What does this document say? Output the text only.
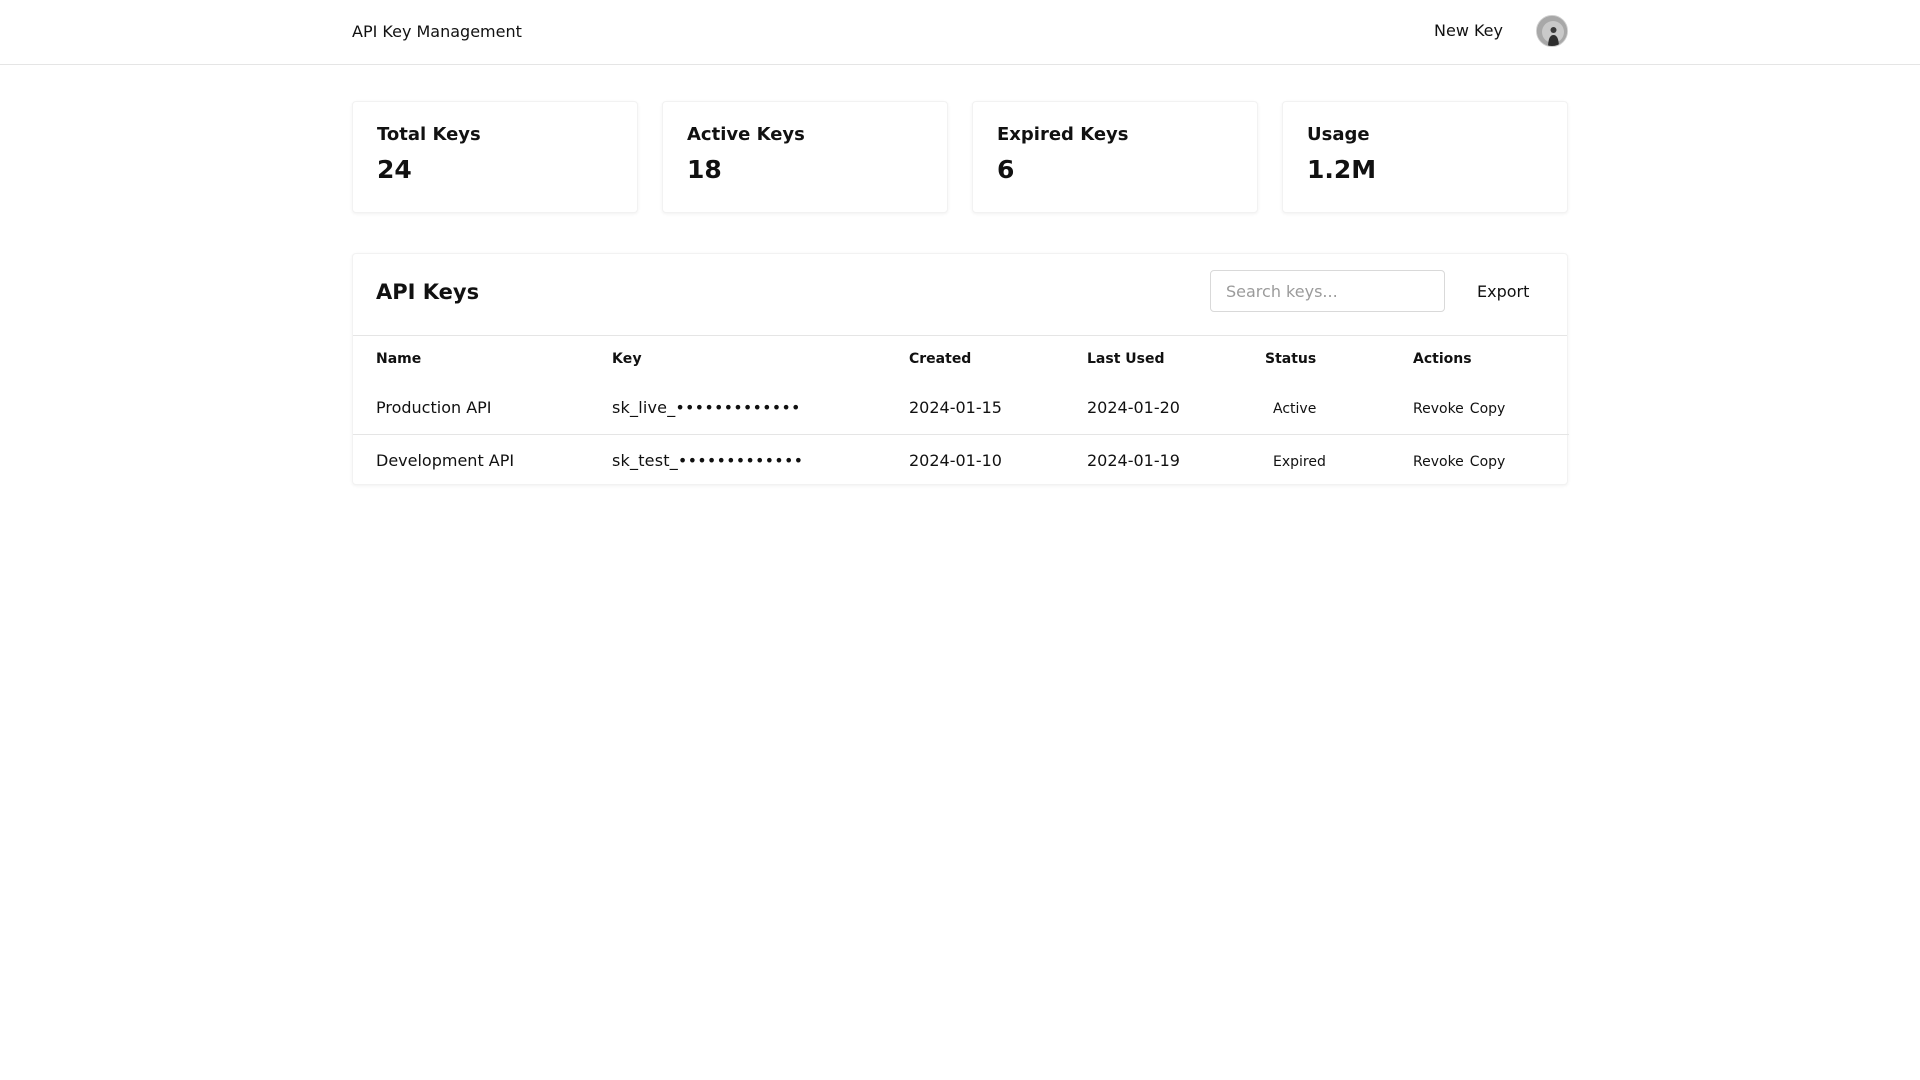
API Key Management	New Key
Total Keys
24
Active Keys
18
Expired Keys
6
Usage
1.2M
API Keys
Search keys...	Export
Name	Key	Created	Last Used	Status	Actions
Production API	sk_live_•••••••••••••	2024-01-15	2024-01-20	Active	Revoke Copy
Development API	sk_test_•••••••••••••	2024-01-10	2024-01-19	Expired	Revoke Copy
